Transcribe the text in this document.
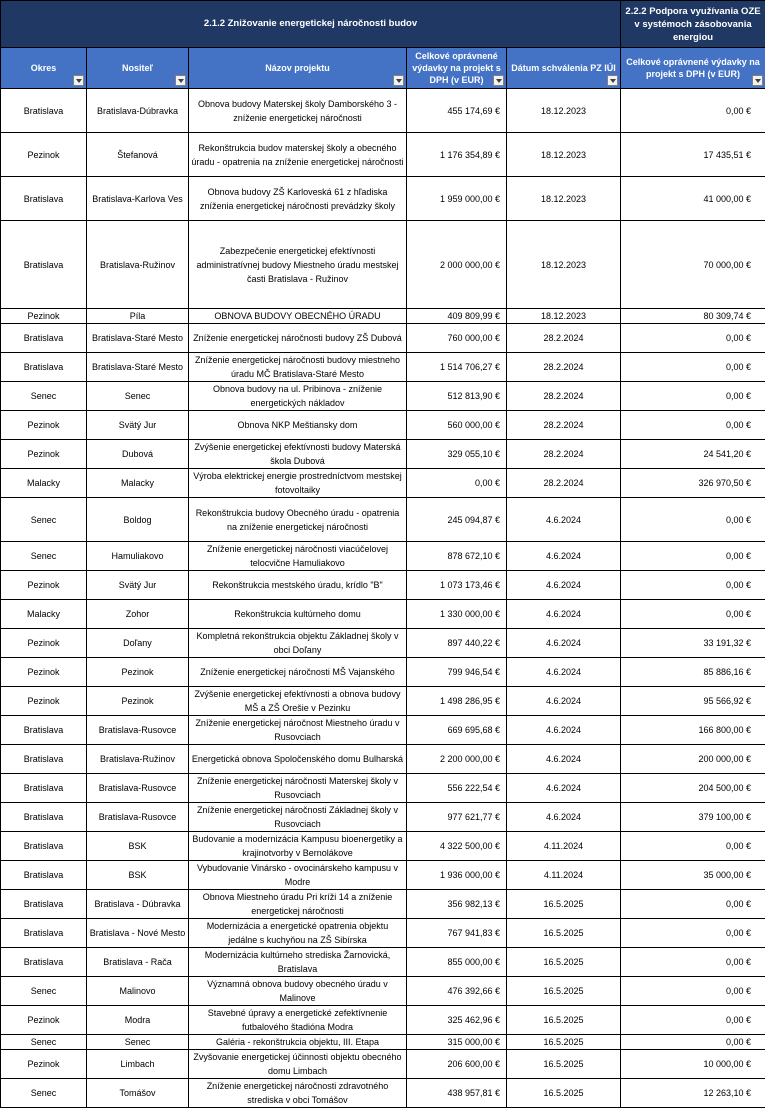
2.1.2 Znižovanie energetickej náročnosti budov					2.2.2 Podpora využívania OZE v systémoch zásobovania energiou
Okres	Nositeľ	Názov projektu	Celkové oprávnené výdavky na projekt s DPH (v EUR)	Dátum schválenia PZ IÚI	Celkové oprávnené výdavky na projekt s DPH (v EUR)

Bratislava	Bratislava-Dúbravka	Obnova budovy Materskej školy Damborského 3 - zníženie energetickej náročnosti	455 174,69 €	18.12.2023	0,00 €
Pezinok	Štefanová	Rekonštrukcia budov materskej školy a obecného úradu - opatrenia na zníženie energetickej náročnosti	1 176 354,89 €	18.12.2023	17 435,51 €
Bratislava	Bratislava-Karlova Ves	Obnova budovy ZŠ Karloveská 61 z hľadiska zníženia energetickej náročnosti prevádzky školy	1 959 000,00 €	18.12.2023	41 000,00 €
Bratislava	Bratislava-Ružinov	Zabezpečenie energetickej efektívnosti administratívnej budovy Miestneho úradu mestskej časti Bratislava - Ružinov	2 000 000,00 €	18.12.2023	70 000,00 €
Pezinok	Píla	OBNOVA BUDOVY OBECNÉHO ÚRADU	409 809,99 €	18.12.2023	80 309,74 €
Bratislava	Bratislava-Staré Mesto	Zníženie energetickej náročnosti budovy ZŠ Dubová	760 000,00 €	28.2.2024	0,00 €
Bratislava	Bratislava-Staré Mesto	Zníženie energetickej náročnosti budovy miestneho úradu MČ Bratislava-Staré Mesto	1 514 706,27 €	28.2.2024	0,00 €
Senec	Senec	Obnova budovy na ul. Pribinova - zníženie energetických nákladov	512 813,90 €	28.2.2024	0,00 €
Pezinok	Svätý Jur	Obnova NKP Meštiansky dom	560 000,00 €	28.2.2024	0,00 €
Pezinok	Dubová	Zvýšenie energetickej efektívnosti budovy Materská škola Dubová	329 055,10 €	28.2.2024	24 541,20 €
Malacky	Malacky	Výroba elektrickej energie prostredníctvom mestskej fotovoltaiky	0,00 €	28.2.2024	326 970,50 €
Senec	Boldog	Rekonštrukcia budovy Obecného úradu - opatrenia na zníženie energetickej náročnosti	245 094,87 €	4.6.2024	0,00 €
Senec	Hamuliakovo	Zníženie energetickej náročnosti viacúčelovej telocvične Hamuliakovo	878 672,10 €	4.6.2024	0,00 €
Pezinok	Svätý Jur	Rekonštrukcia mestského úradu, krídlo "B"	1 073 173,46 €	4.6.2024	0,00 €
Malacky	Zohor	Rekonštrukcia kultúrneho domu	1 330 000,00 €	4.6.2024	0,00 €
Pezinok	Doľany	Kompletná rekonštrukcia objektu Základnej školy v obci Doľany	897 440,22 €	4.6.2024	33 191,32 €
Pezinok	Pezinok	Zníženie energetickej náročnosti MŠ Vajanského	799 946,54 €	4.6.2024	85 886,16 €
Pezinok	Pezinok	Zvýšenie energetickej efektívnosti a obnova budovy MŠ a ZŠ Orešie v Pezinku	1 498 286,95 €	4.6.2024	95 566,92 €
Bratislava	Bratislava-Rusovce	Zníženie energetickej náročnost Miestneho úradu v Rusovciach	669 695,68 €	4.6.2024	166 800,00 €
Bratislava	Bratislava-Ružinov	Energetická obnova Spoločenského domu Bulharská	2 200 000,00 €	4.6.2024	200 000,00 €
Bratislava	Bratislava-Rusovce	Zníženie energetickej náročnosti Materskej školy v Rusovciach	556 222,54 €	4.6.2024	204 500,00 €
Bratislava	Bratislava-Rusovce	Zníženie energetickej náročnosti Základnej školy v Rusovciach	977 621,77 €	4.6.2024	379 100,00 €
Bratislava	BSK	Budovanie a modernizácia Kampusu bioenergetiky a krajinotvorby v Bernolákove	4 322 500,00 €	4.11.2024	0,00 €
Bratislava	BSK	Vybudovanie Vinársko - ovocinárskeho kampusu v Modre	1 936 000,00 €	4.11.2024	35 000,00 €
Bratislava	Bratislava - Dúbravka	Obnova Miestneho úradu Pri kríži 14 a zníženie energetickej náročnosti	356 982,13 €	16.5.2025	0,00 €
Bratislava	Bratislava - Nové Mesto	Modernizácia a energetické opatrenia objektu jedálne s kuchyňou na ZŠ Sibírska	767 941,83 €	16.5.2025	0,00 €
Bratislava	Bratislava - Rača	Modernizácia kultúrneho strediska Žarnovická, Bratislava	855 000,00 €	16.5.2025	0,00 €
Senec	Malinovo	Významná obnova budovy obecného úradu v Malinove	476 392,66 €	16.5.2025	0,00 €
Pezinok	Modra	Stavebné úpravy a energetické zefektívnenie futbalového štadióna Modra	325 462,96 €	16.5.2025	0,00 €
Senec	Senec	Galéria - rekonštrukcia objektu, III. Etapa	315 000,00 €	16.5.2025	0,00 €
Pezinok	Limbach	Zvyšovanie energetickej účinnosti objektu obecného domu Limbach	206 600,00 €	16.5.2025	10 000,00 €
Senec	Tomášov	Zníženie energetickej náročnosti zdravotného strediska v obci Tomášov	438 957,81 €	16.5.2025	12 263,10 €
